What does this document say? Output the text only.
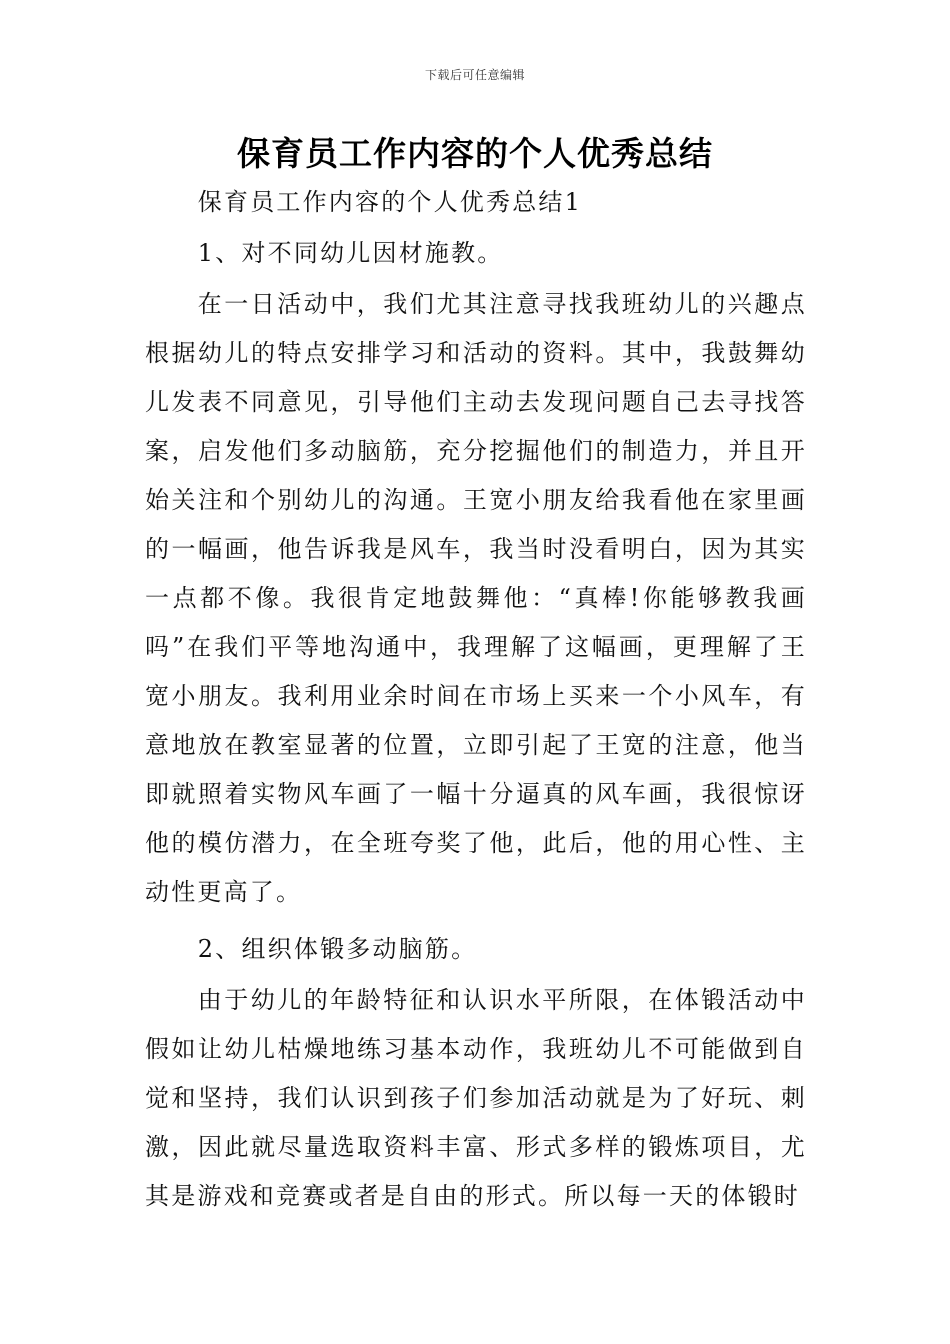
下载后可任意编辑
保育员工作内容的个人优秀总结

保育员工作内容的个人优秀总结1

1、对不同幼儿因材施教。

在一日活动中，我们尤其注意寻找我班幼儿的兴趣点根据幼儿的特点安排学习和活动的资料。其中，我鼓舞幼儿发表不同意见，引导他们主动去发现问题自己去寻找答案，启发他们多动脑筋，充分挖掘他们的制造力，并且开始关注和个别幼儿的沟通。王宽小朋友给我看他在家里画的一幅画，他告诉我是风车，我当时没看明白，因为其实一点都不像。我很肯定地鼓舞他：“真棒!你能够教我画吗”在我们平等地沟通中，我理解了这幅画，更理解了王宽小朋友。我利用业余时间在市场上买来一个小风车，有意地放在教室显著的位置，立即引起了王宽的注意，他当即就照着实物风车画了一幅十分逼真的风车画，我很惊讶他的模仿潜力，在全班夸奖了他，此后，他的用心性、主动性更高了。

2、组织体锻多动脑筋。

由于幼儿的年龄特征和认识水平所限，在体锻活动中假如让幼儿枯燥地练习基本动作，我班幼儿不可能做到自觉和坚持，我们认识到孩子们参加活动就是为了好玩、刺激，因此就尽量选取资料丰富、形式多样的锻炼项目，尤其是游戏和竞赛或者是自由的形式。所以每一天的体锻时
